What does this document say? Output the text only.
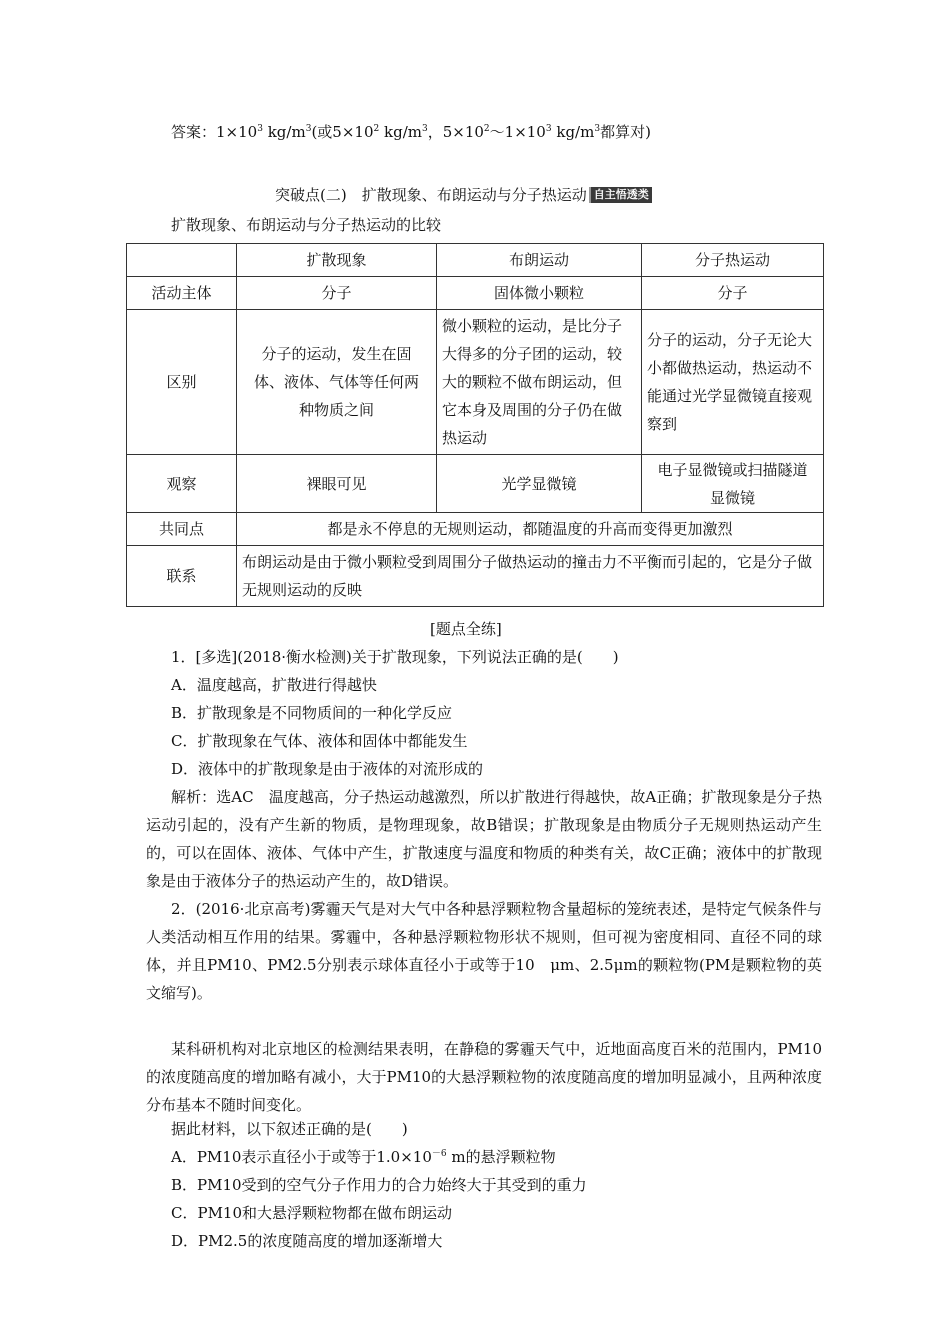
答案：$1\times 10^3$ $kg/m^3$(或$5\times 10^2$ $kg/m^3$，$5\times 10^2\sim 1\times 10^3$ $kg/m^3$都算对)
突破点(二)　扩散现象、布朗运动与分子热运动 自主悟透类
扩散现象、布朗运动与分子热运动的比较
	扩散现象	布朗运动	分子热运动
活动主体	分子	固体微小颗粒	分子
区别	分子的运动，发生在固体、液体、气体等任何两种物质之间	微小颗粒的运动，是比分子大得多的分子团的运动，较大的颗粒不做布朗运动，但它本身及周围的分子仍在做热运动	分子的运动，分子无论大小都做热运动，热运动不能通过光学显微镜直接观察到
观察	裸眼可见	光学显微镜	电子显微镜或扫描隧道显微镜
共同点	都是永不停息的无规则运动，都随温度的升高而变得更加激烈		
联系	布朗运动是由于微小颗粒受到周围分子做热运动的撞击力不平衡而引起的，它是分子做无规则运动的反映		
[题点全练]
1．[多选](2018·衡水检测)关于扩散现象，下列说法正确的是(　　)
A．温度越高，扩散进行得越快
B．扩散现象是不同物质间的一种化学反应
C．扩散现象在气体、液体和固体中都能发生
D．液体中的扩散现象是由于液体的对流形成的
解析：选AC　温度越高，分子热运动越激烈，所以扩散进行得越快，故A正确；扩散现象是分子热运动引起的，没有产生新的物质，是物理现象，故B错误；扩散现象是由物质分子无规则热运动产生的，可以在固体、液体、气体中产生，扩散速度与温度和物质的种类有关，故C正确；液体中的扩散现象是由于液体分子的热运动产生的，故D错误。
2．(2016·北京高考)雾霾天气是对大气中各种悬浮颗粒物含量超标的笼统表述，是特定气候条件与人类活动相互作用的结果。雾霾中，各种悬浮颗粒物形状不规则，但可视为密度相同、直径不同的球体，并且PM10、PM2.5分别表示球体直径小于或等于10　μm、2.5μm的颗粒物(PM是颗粒物的英文缩写)。
某科研机构对北京地区的检测结果表明，在静稳的雾霾天气中，近地面高度百米的范围内，PM10的浓度随高度的增加略有减小，大于PM10的大悬浮颗粒物的浓度随高度的增加明显减小，且两种浓度分布基本不随时间变化。
据此材料，以下叙述正确的是(　　)
A．PM10表示直径小于或等于$1.0\times 10^{-6}$ m的悬浮颗粒物
B．PM10受到的空气分子作用力的合力始终大于其受到的重力
C．PM10和大悬浮颗粒物都在做布朗运动
D．PM2.5的浓度随高度的增加逐渐增大
